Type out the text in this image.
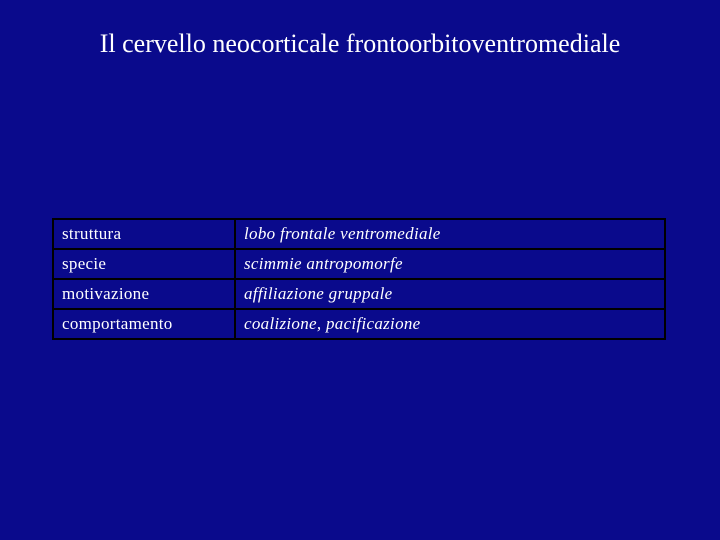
Il cervello neocorticale frontoorbitoventromediale
struttura	lobo frontale ventromediale
specie	scimmie antropomorfe
motivazione	affiliazione gruppale
comportamento	coalizione, pacificazione
